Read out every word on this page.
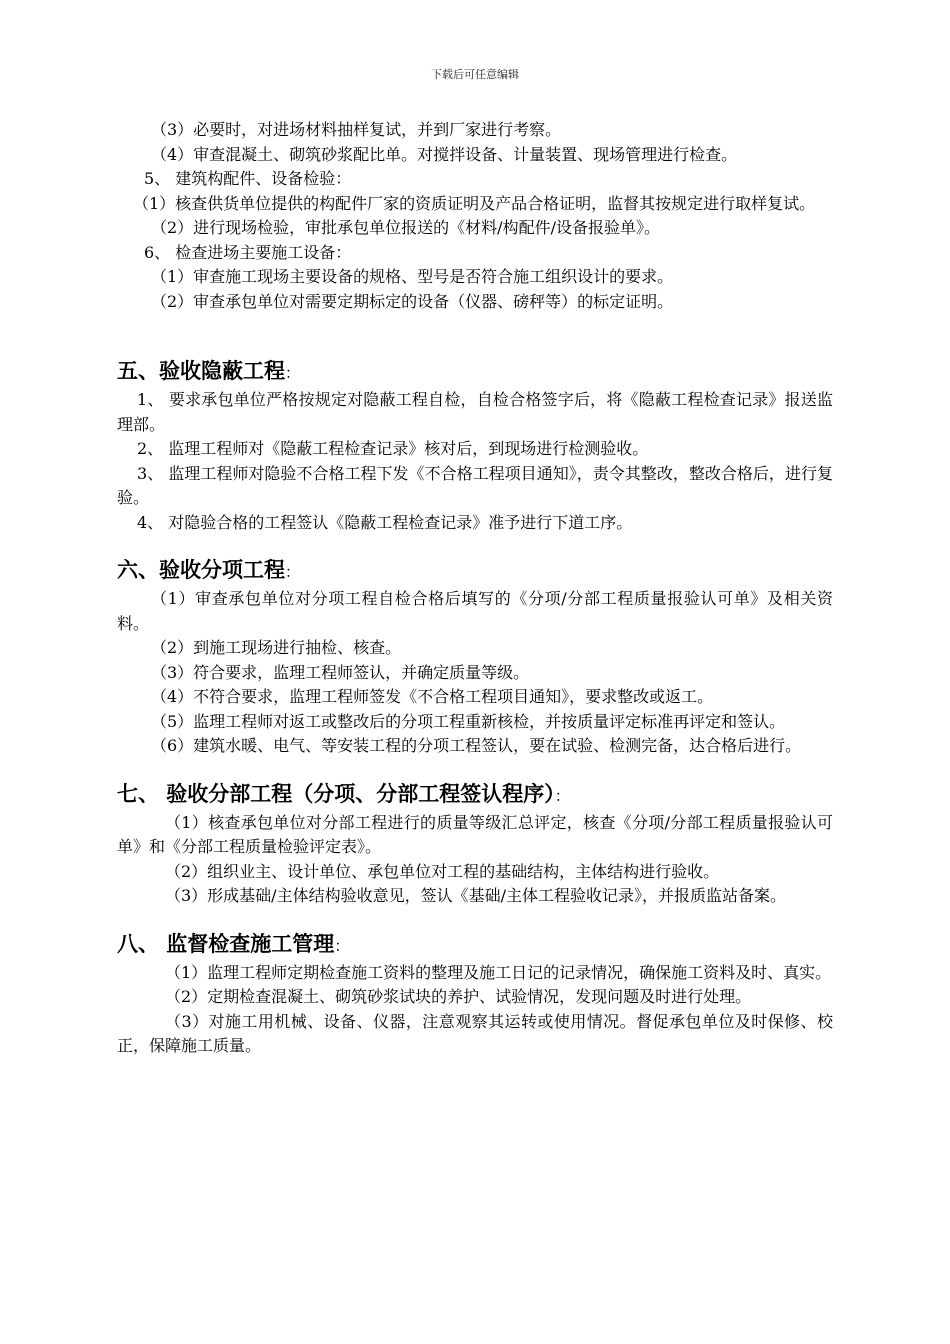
下载后可任意编辑

（3）必要时，对进场材料抽样复试，并到厂家进行考察。

（4）审查混凝土、砌筑砂浆配比单。对搅拌设备、计量装置、现场管理进行检查。

5、 建筑构配件、设备检验：

（1）核查供货单位提供的构配件厂家的资质证明及产品合格证明，监督其按规定进行取样复试。

（2）进行现场检验，审批承包单位报送的《材料/构配件/设备报验单》。

6、 检查进场主要施工设备：

（1）审查施工现场主要设备的规格、型号是否符合施工组织设计的要求。

（2）审查承包单位对需要定期标定的设备（仪器、磅秤等）的标定证明。

五、验收隐蔽工程：

1、 要求承包单位严格按规定对隐蔽工程自检，自检合格签字后，将《隐蔽工程检查记录》报送监理部。

2、 监理工程师对《隐蔽工程检查记录》核对后，到现场进行检测验收。

3、 监理工程师对隐验不合格工程下发《不合格工程项目通知》，责令其整改，整改合格后，进行复验。

4、 对隐验合格的工程签认《隐蔽工程检查记录》准予进行下道工序。

六、验收分项工程：

（1）审查承包单位对分项工程自检合格后填写的《分项/分部工程质量报验认可单》及相关资料。

（2）到施工现场进行抽检、核查。

（3）符合要求，监理工程师签认，并确定质量等级。

（4）不符合要求，监理工程师签发《不合格工程项目通知》，要求整改或返工。

（5）监理工程师对返工或整改后的分项工程重新核检，并按质量评定标准再评定和签认。

（6）建筑水暖、电气、等安装工程的分项工程签认，要在试验、检测完备，达合格后进行。

七、 验收分部工程（分项、分部工程签认程序）：

（1）核查承包单位对分部工程进行的质量等级汇总评定，核查《分项/分部工程质量报验认可单》和《分部工程质量检验评定表》。

（2）组织业主、设计单位、承包单位对工程的基础结构，主体结构进行验收。

（3）形成基础/主体结构验收意见，签认《基础/主体工程验收记录》，并报质监站备案。

八、 监督检查施工管理：

（1）监理工程师定期检查施工资料的整理及施工日记的记录情况，确保施工资料及时、真实。

（2）定期检查混凝土、砌筑砂浆试块的养护、试验情况，发现问题及时进行处理。

（3）对施工用机械、设备、仪器，注意观察其运转或使用情况。督促承包单位及时保修、校正，保障施工质量。
